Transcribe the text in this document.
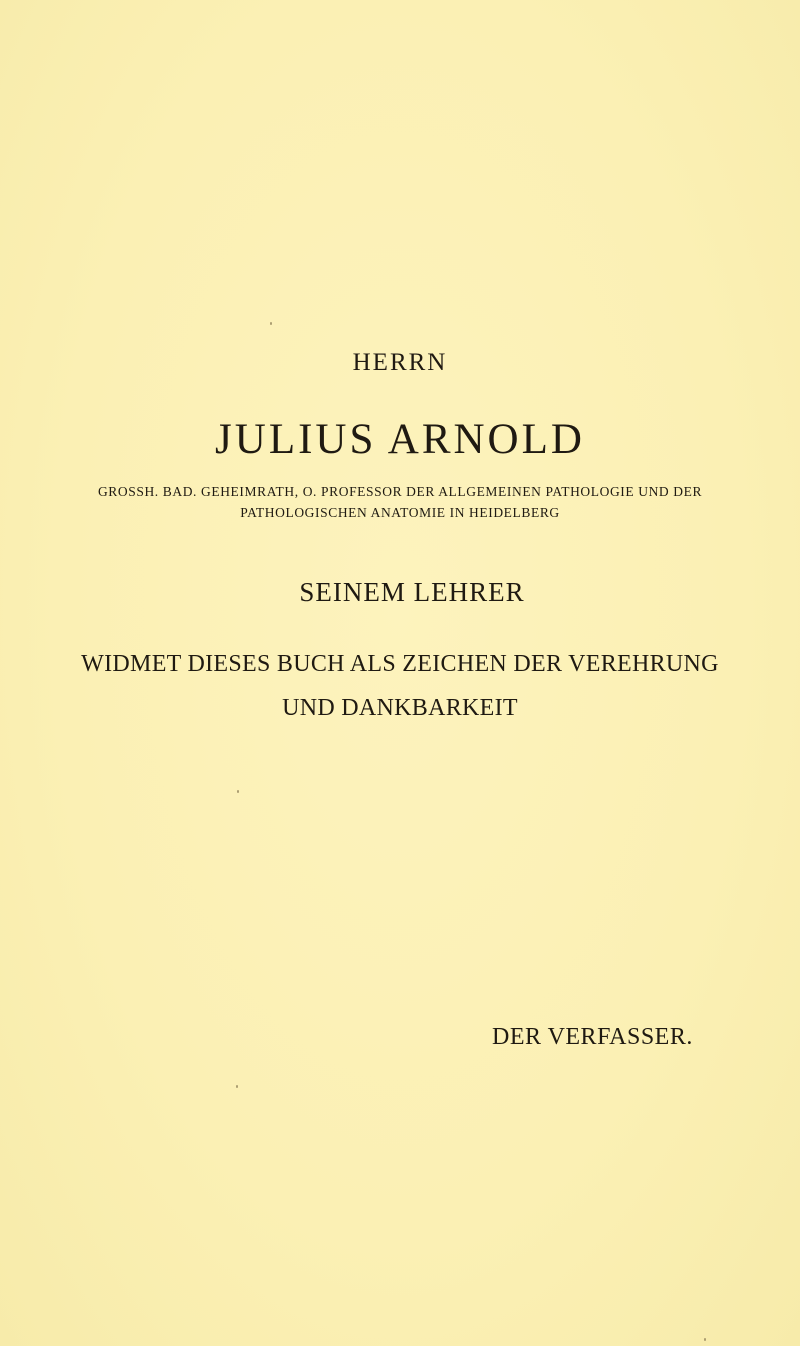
HERRN

JULIUS ARNOLD

GROSSH. BAD. GEHEIMRATH, O. PROFESSOR DER ALLGEMEINEN PATHOLOGIE UND DER

PATHOLOGISCHEN ANATOMIE IN HEIDELBERG

SEINEM LEHRER

WIDMET DIESES BUCH ALS ZEICHEN DER VEREHRUNG

UND DANKBARKEIT

DER VERFASSER.
